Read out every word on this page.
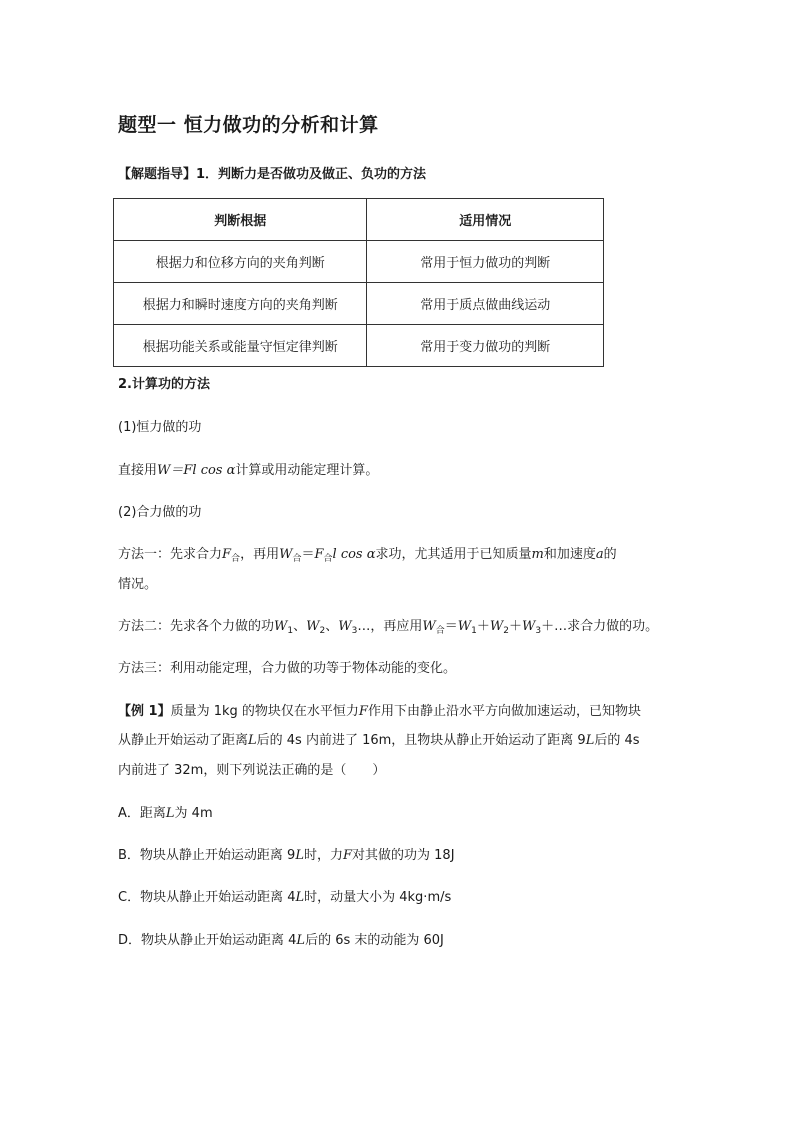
题型一 恒力做功的分析和计算
【解题指导】1．判断力是否做功及做正、负功的方法
判断根据	适用情况
根据力和位移方向的夹角判断	常用于恒力做功的判断
根据力和瞬时速度方向的夹角判断	常用于质点做曲线运动
根据功能关系或能量守恒定律判断	常用于变力做功的判断
2.计算功的方法
(1)恒力做的功
直接用W＝Fl cos α计算或用动能定理计算。
(2)合力做的功
方法一：先求合力$F_合$，再用$W_合=F_合l$ cos α求功，尤其适用于已知质量m和加速度a的
情况。
方法二：先求各个力做的功$W_1$、$W_2$、$W_3\dots$，再应用$W_合=W_1+W_2+W_3+\dots$求合力做的功。
方法三：利用动能定理，合力做的功等于物体动能的变化。
【例 1】质量为 1kg 的物块仅在水平恒力F作用下由静止沿水平方向做加速运动，已知物块
从静止开始运动了距离L后的 4s 内前进了 16m，且物块从静止开始运动了距离 9L后的 4s
内前进了 32m，则下列说法正确的是（　　）
A．距离L为 4m
B．物块从静止开始运动距离 9L时，力F对其做的功为 18J
C．物块从静止开始运动距离 4L时，动量大小为 4kg·m/s
D．物块从静止开始运动距离 4L后的 6s 末的动能为 60J
